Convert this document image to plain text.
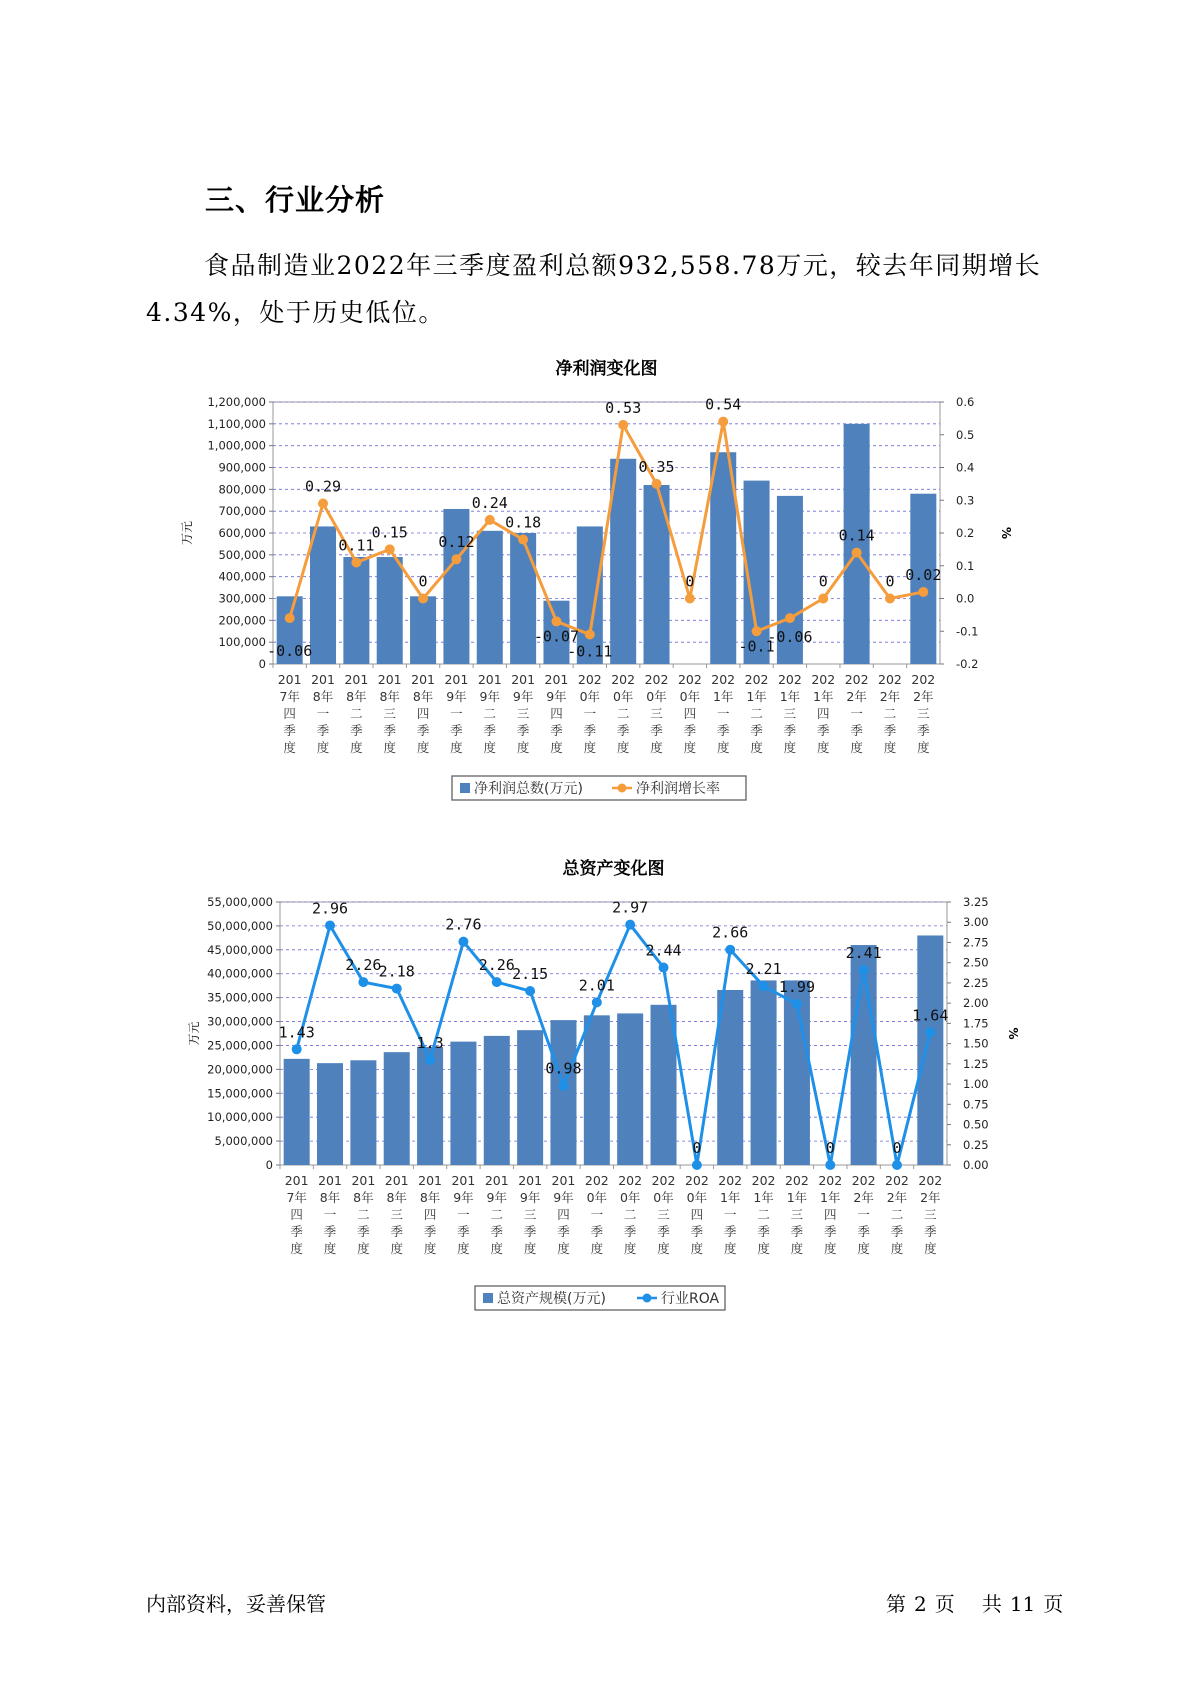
三、行业分析
食品制造业2022年三季度盈利总额932,558.78万元，较去年同期增长4.34%，处于历史低位。
净利润变化图
0
100,000
200,000
300,000
400,000
500,000
600,000
700,000
800,000
900,000
1,000,000
1,100,000
1,200,000
-0.2
-0.1
0.0
0.1
0.2
0.3
0.4
0.5
0.6
万元	%
201
7年
四
季
度
201
8年
一
季
度
201
8年
二
季
度
201
8年
三
季
度
201
8年
四
季
度
201
9年
一
季
度
201
9年
二
季
度
201
9年
三
季
度
201
9年
四
季
度
202
0年
一
季
度
202
0年
二
季
度
202
0年
三
季
度
202
0年
四
季
度
202
1年
一
季
度
202
1年
二
季
度
202
1年
三
季
度
202
1年
四
季
度
202
2年
一
季
度
202
2年
二
季
度
202
2年
三
季
度
-0.06
0.29
0.11
0.15
0
0.12
0.24
0.18
-0.07
-0.11
0.53
0.35
0
0.54
-0.1
-0.06
0
0.14
0 0.02
净利润总数(万元)	净利润增长率
总资产变化图
0
5,000,000
10,000,000
15,000,000
20,000,000
25,000,000
30,000,000
35,000,000
40,000,000
45,000,000
50,000,000
55,000,000
0.00
0.25
0.50
0.75
1.00
1.25
1.50
1.75
2.00
2.25
2.50
2.75
3.00
3.25
万元	%
201
7年
四
季
度
201
8年
一
季
度
201
8年
二
季
度
201
8年
三
季
度
201
8年
四
季
度
201
9年
一
季
度
201
9年
二
季
度
201
9年
三
季
度
201
9年
四
季
度
202
0年
一
季
度
202
0年
二
季
度
202
0年
三
季
度
202
0年
四
季
度
202
1年
一
季
度
202
1年
二
季
度
202
1年
三
季
度
202
1年
四
季
度
202
2年
一
季
度
202
2年
二
季
度
202
2年
三
季
度
1.43
2.96
2.26
2.18
1.3
2.76
2.26
2.15
0.98
2.01
2.97
2.44
0
2.66
2.21
1.99
0
2.41
0
1.64
总资产规模(万元)	行业ROA
内部资料，妥善保管	第 2 页 共 11 页
